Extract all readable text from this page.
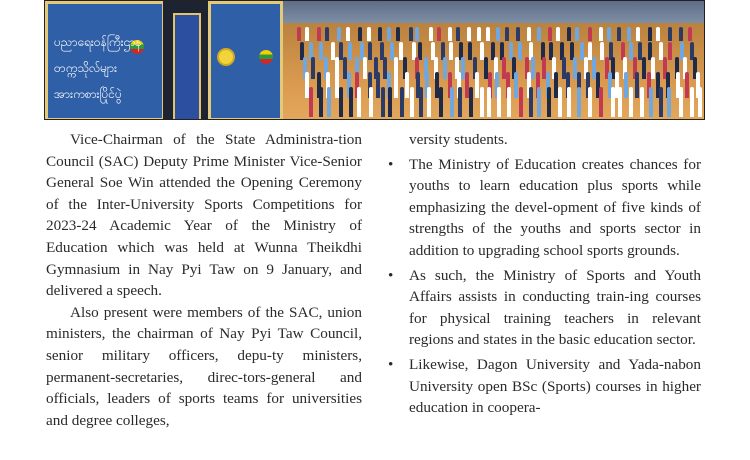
ပညာရေးဝန်ကြီးဌာန
တက္ကသိုလ်များ
အားကစားပြိုင်ပွဲ

Vice-Chairman of the State Administra-tion Council (SAC) Deputy Prime Minister Vice-Senior General Soe Win attended the Opening Ceremony of the Inter-University Sports Competitions for 2023-24 Academic Year of the Ministry of Education which was held at Wunna Theikdhi Gymnasium in Nay Pyi Taw on 9 January, and delivered a speech.

Also present were members of the SAC, union ministers, the chairman of Nay Pyi Taw Council, senior military officers, depu-ty ministers, permanent-secretaries, direc-tors-general and officials, leaders of sports teams for universities and degree colleges,

versity students.

• The Ministry of Education creates chances for youths to learn education plus sports while emphasizing the devel-opment of five kinds of strengths of the youths and sports sector in addition to upgrading school sports grounds.
• As such, the Ministry of Sports and Youth Affairs assists in conducting train-ing courses for physical training teachers in relevant regions and states in the basic education sector.
• Likewise, Dagon University and Yada-nabon University open BSc (Sports) courses in higher education in coopera-
